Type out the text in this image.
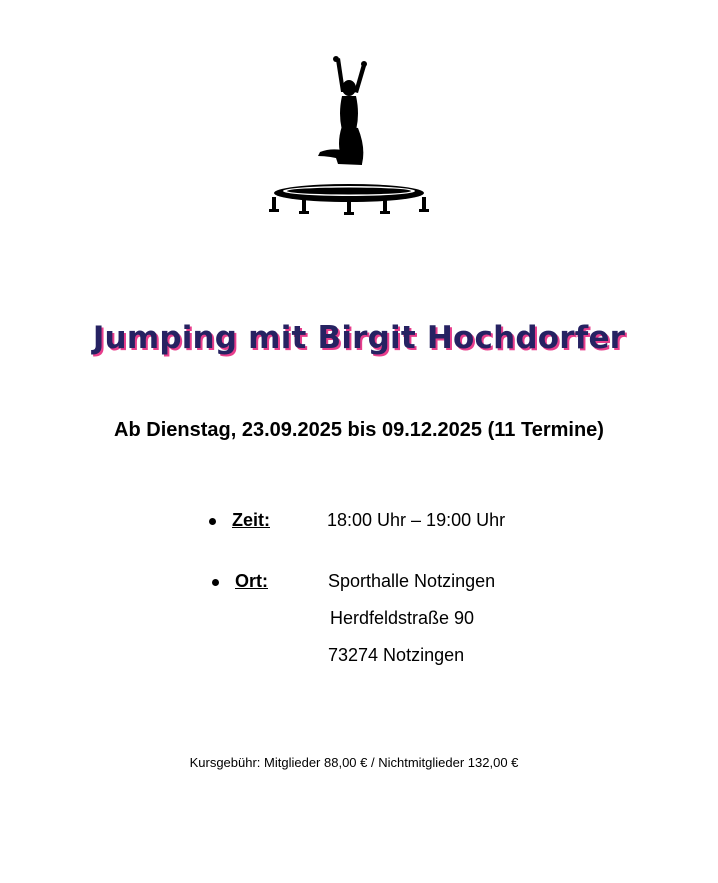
Jumping mit Birgit Hochdorfer
Ab Dienstag, 23.09.2025 bis 09.12.2025 (11 Termine)
Zeit:	18:00 Uhr – 19:00 Uhr
Ort:	Sporthalle Notzingen
Herdfeldstraße 90
73274 Notzingen
Kursgebühr: Mitglieder 88,00 € / Nichtmitglieder 132,00 €
